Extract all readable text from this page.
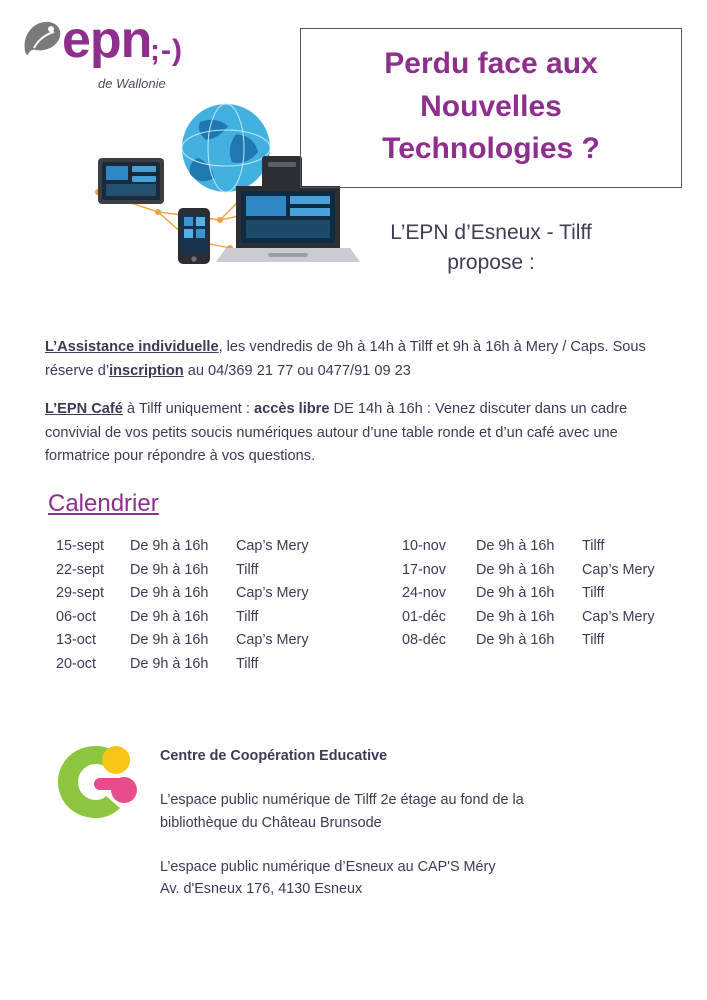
epn
;-)
de Wallonie
Perdu face aux
Nouvelles
Technologies ?
L’EPN d’Esneux - Tilff
propose :
L’Assistance individuelle, les vendredis de 9h à 14h à Tilff et 9h à 16h à Mery / Caps. Sous réserve d’inscription au 04/369 21 77 ou 0477/91 09 23
L’EPN Café à Tilff uniquement : accès libre DE 14h à 16h : Venez discuter dans un cadre convivial de vos petits soucis numériques autour d’une table ronde et d’un café avec une formatrice pour répondre à vos questions.
Calendrier
15-sept	De 9h à 16h	Cap’s Mery
22-sept	De 9h à 16h	Tilff
29-sept	De 9h à 16h	Cap’s Mery
06-oct	De 9h à 16h	Tilff
13-oct	De 9h à 16h	Cap’s Mery
20-oct	De 9h à 16h	Tilff
10-nov	De 9h à 16h	Tilff
17-nov	De 9h à 16h	Cap’s Mery
24-nov	De 9h à 16h	Tilff
01-déc	De 9h à 16h	Cap’s Mery
08-déc	De 9h à 16h	Tilff
Centre de Coopération Educative
L’espace public numérique de Tilff 2e étage au fond de la
bibliothèque du Château Brunsode
L’espace public numérique d’Esneux au CAP'S Méry
Av. d'Esneux 176, 4130 Esneux
